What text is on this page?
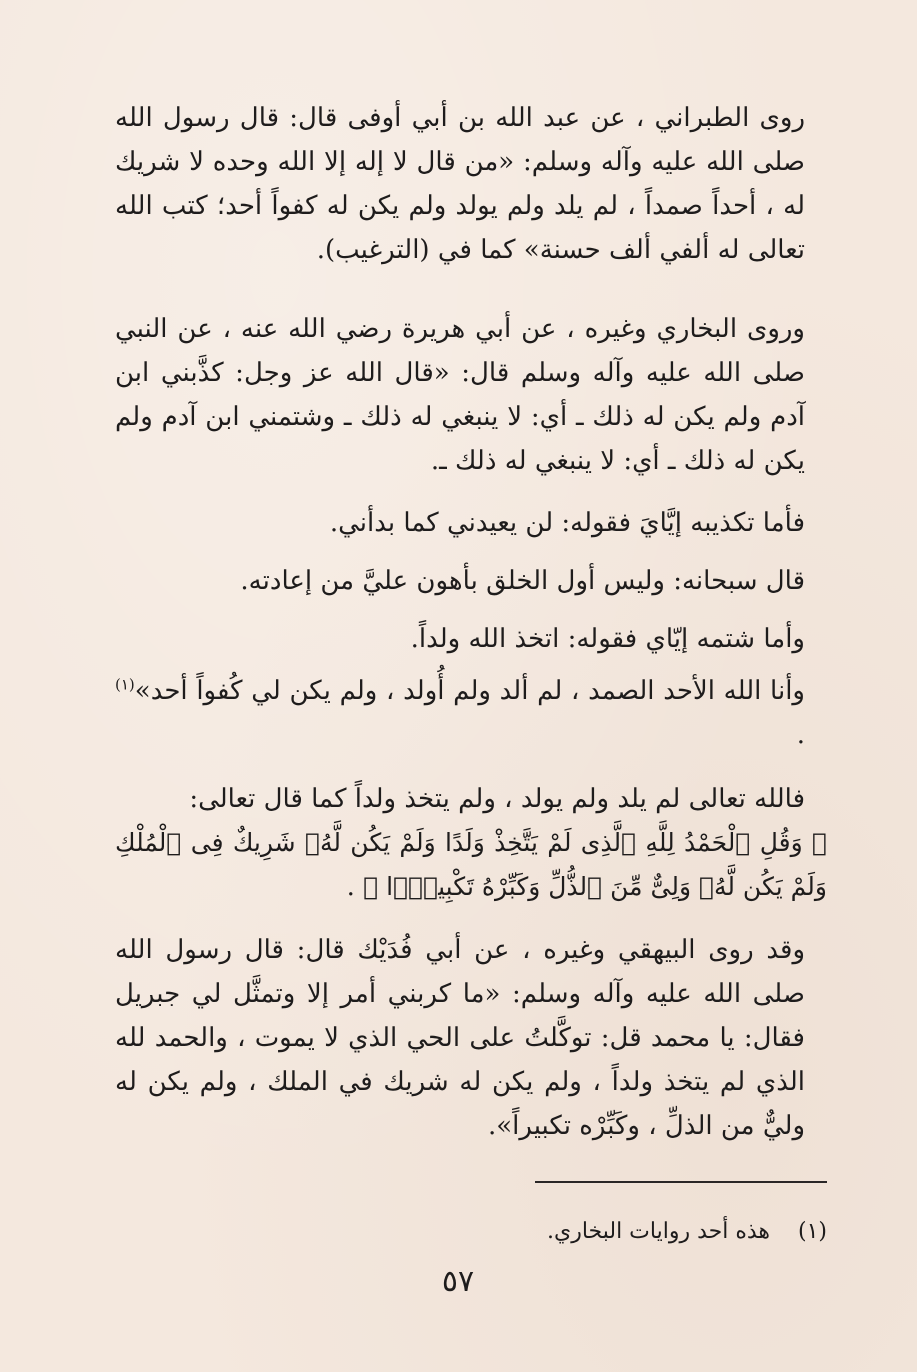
روى الطبراني ، عن عبد الله بن أبي أوفى قال: قال رسول الله صلى الله عليه وآله وسلم: «من قال لا إله إلا الله وحده لا شريك له ، أحداً صمداً ، لم يلد ولم يولد ولم يكن له كفواً أحد؛ كتب الله تعالى له ألفي ألف حسنة» كما في (الترغيب).

وروى البخاري وغيره ، عن أبي هريرة رضي الله عنه ، عن النبي صلى الله عليه وآله وسلم قال: «قال الله عز وجل: كذَّبني ابن آدم ولم يكن له ذلك ـ أي: لا ينبغي له ذلك ـ وشتمني ابن آدم ولم يكن له ذلك ـ أي: لا ينبغي له ذلك ـ.

فأما تكذيبه إيَّايَ فقوله: لن يعيدني كما بدأني.

قال سبحانه: وليس أول الخلق بأهون عليَّ من إعادته.

وأما شتمه إيّاي فقوله: اتخذ الله ولداً.

وأنا الله الأحد الصمد ، لم ألد ولم أُولد ، ولم يكن لي كُفواً أحد»$^{(١)}$ .

فالله تعالى لم يلد ولم يولد ، ولم يتخذ ولداً كما قال تعالى:

﴿ وَقُلِ ٱلْحَمْدُ لِلَّهِ ٱلَّذِى لَمْ يَتَّخِذْ وَلَدًا وَلَمْ يَكُن لَّهُۥ شَرِيكٌ فِى ٱلْمُلْكِ وَلَمْ يَكُن لَّهُۥ وَلِىٌّ مِّنَ ٱلذُّلِّ وَكَبِّرْهُ تَكْبِيرًۢا ﴾ .

وقد روى البيهقي وغيره ، عن أبي فُدَيْك قال: قال رسول الله صلى الله عليه وآله وسلم: «ما كربني أمر إلا وتمثَّل لي جبريل فقال: يا محمد قل: توكَّلتُ على الحي الذي لا يموت ، والحمد لله الذي لم يتخذ ولداً ، ولم يكن له شريك في الملك ، ولم يكن له وليٌّ من الذلِّ ، وكَبِّرْه تكبيراً».

(١)    هذه أحد روايات البخاري.
٥٧
